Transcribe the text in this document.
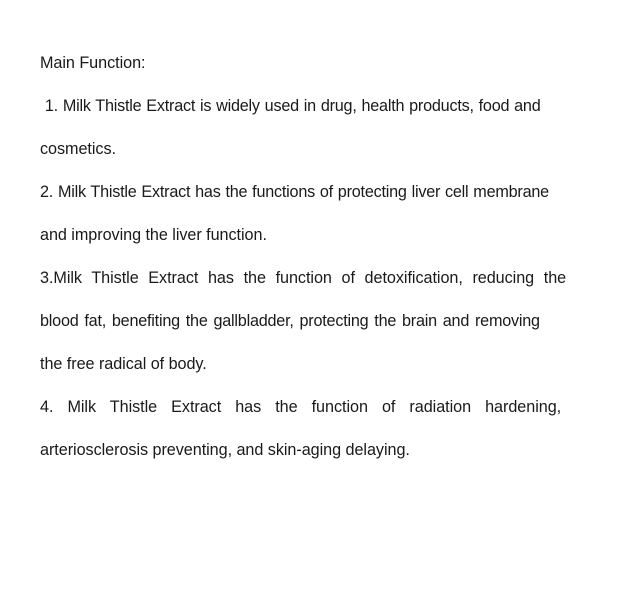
Main Function:
1. Milk Thistle Extract is widely used in drug, health products, food and
cosmetics.
2. Milk Thistle Extract has the functions of protecting liver cell membrane
and improving the liver function.
3.Milk Thistle Extract has the function of detoxification, reducing the
blood fat, benefiting the gallbladder, protecting the brain and removing
the free radical of body.
4. Milk Thistle Extract has the function of radiation hardening,
arteriosclerosis preventing, and skin-aging delaying.
